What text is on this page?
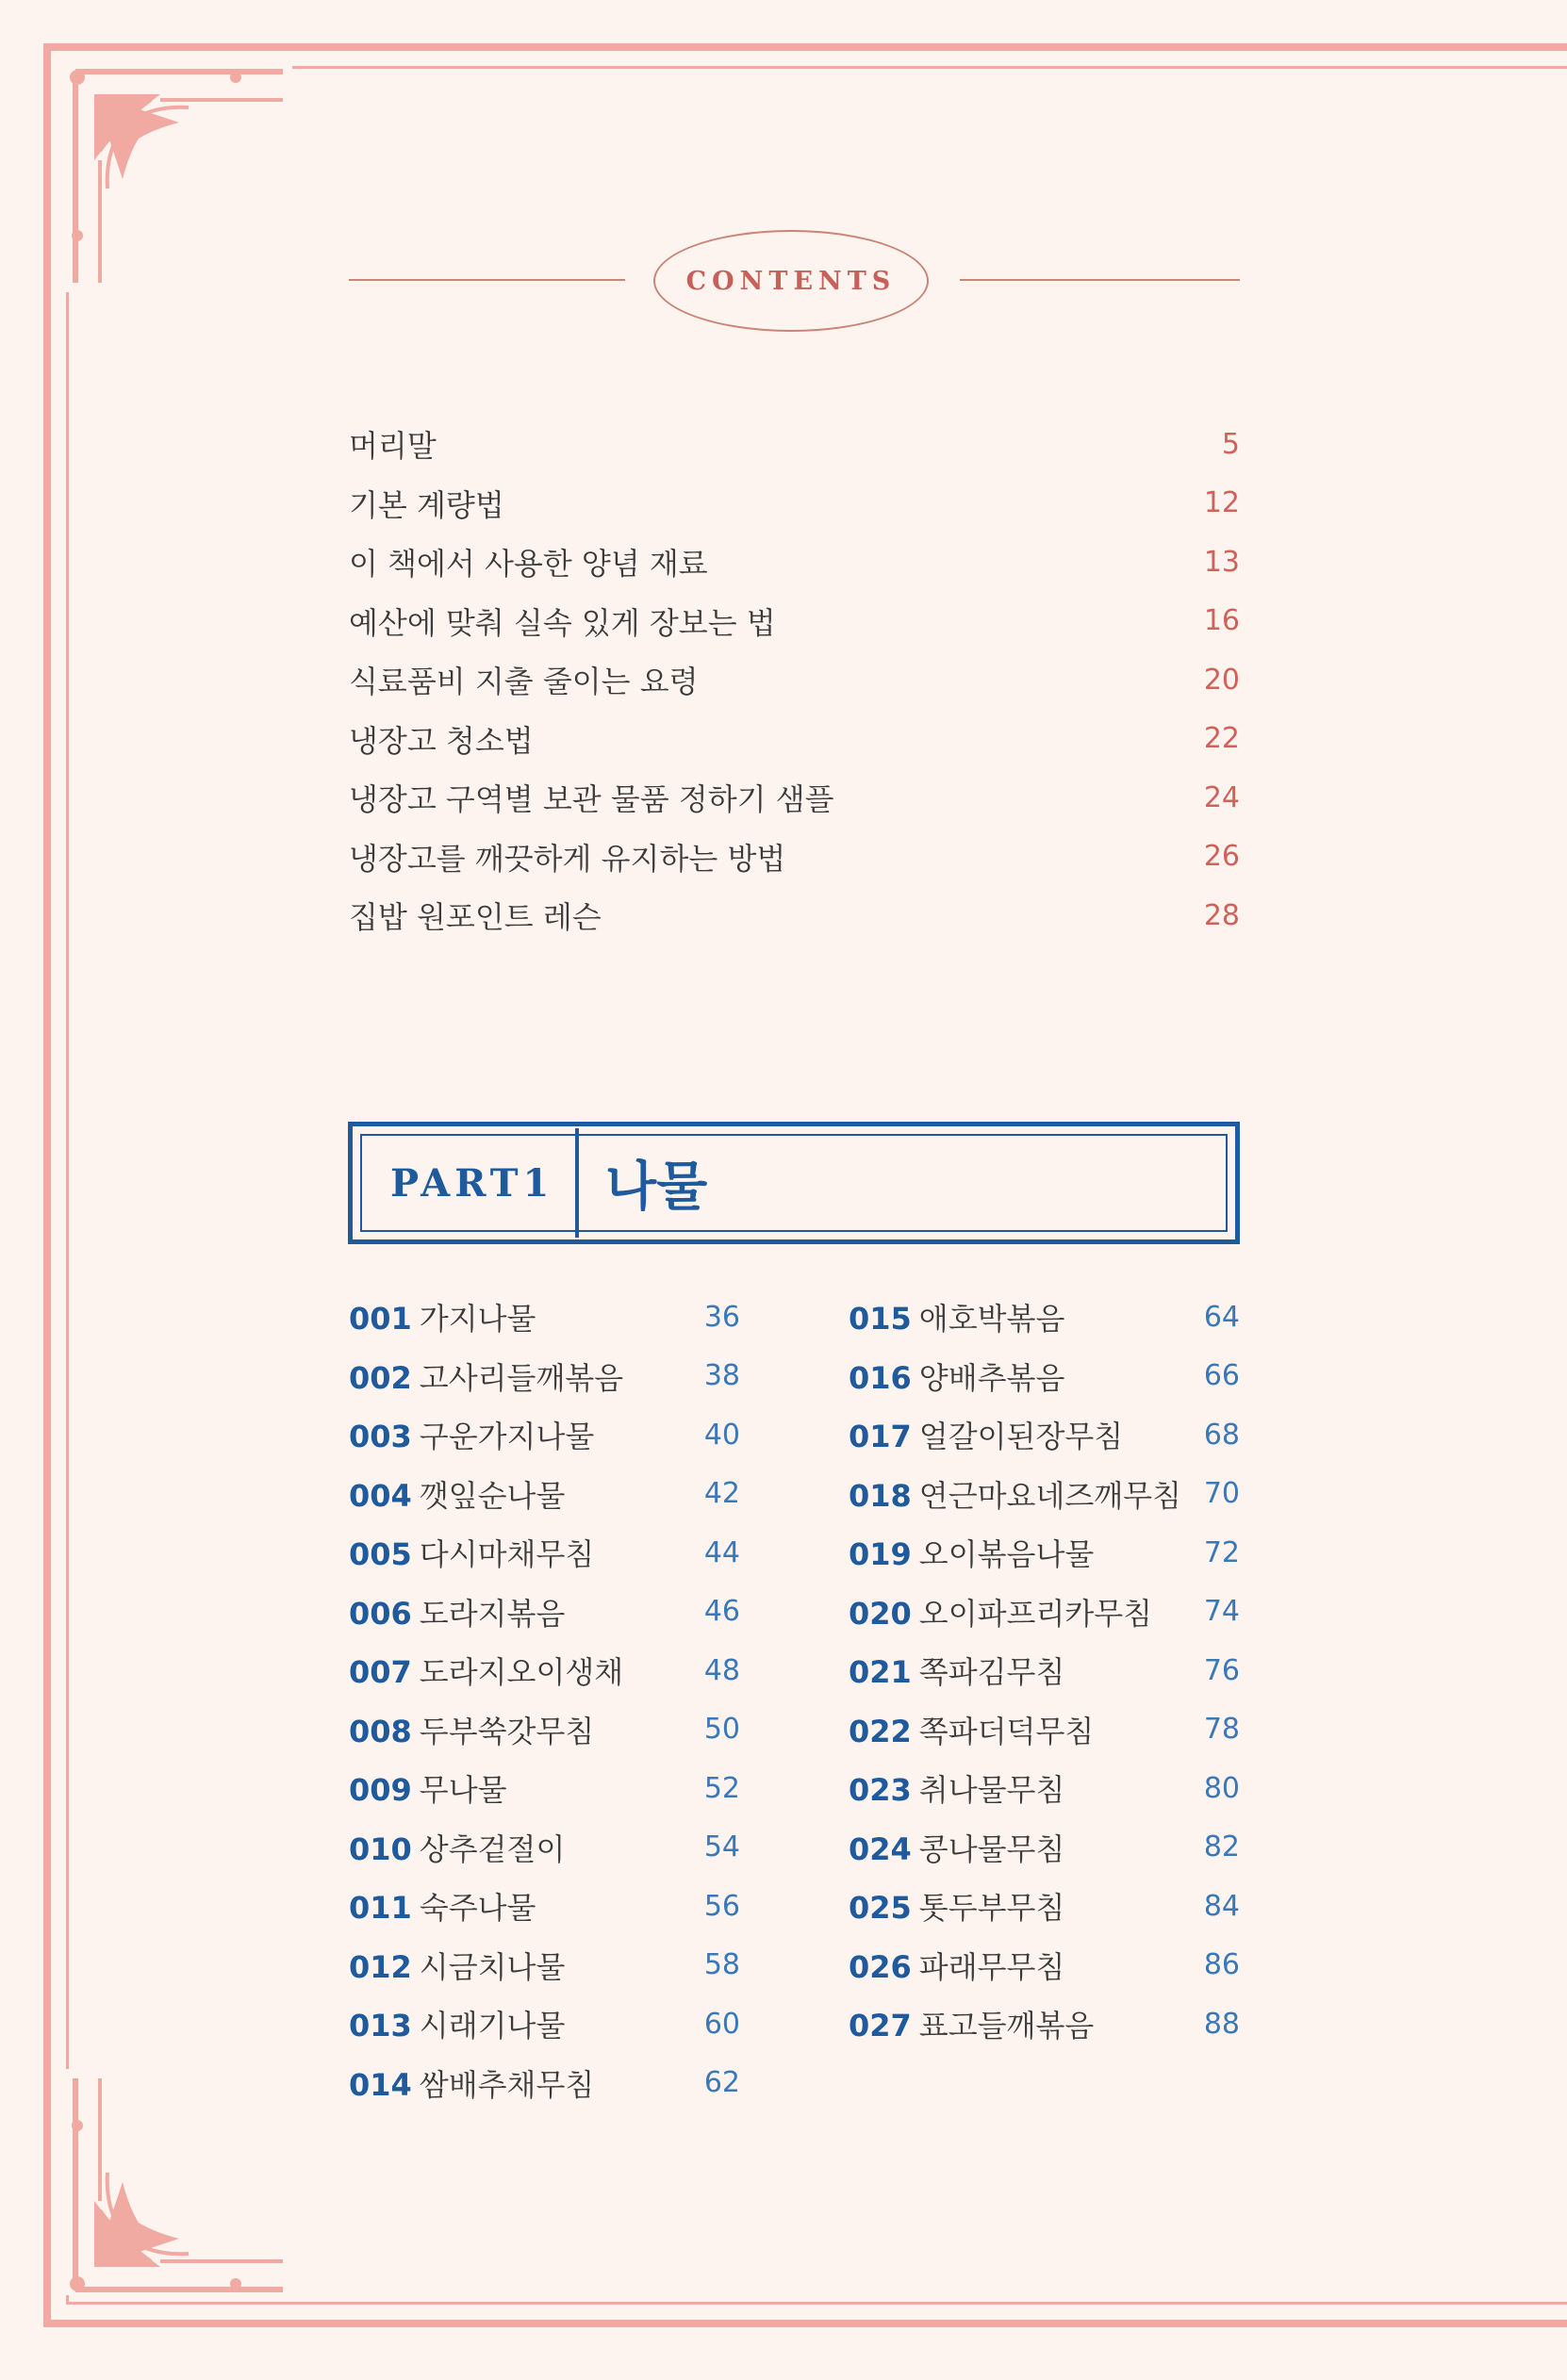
CONTENTS
머리말	5
기본 계량법	12
이 책에서 사용한 양념 재료	13
예산에 맞춰 실속 있게 장보는 법	16
식료품비 지출 줄이는 요령	20
냉장고 청소법	22
냉장고 구역별 보관 물품 정하기 샘플	24
냉장고를 깨끗하게 유지하는 방법	26
집밥 원포인트 레슨	28
PART1 나물
001 가지나물	36
002 고사리들깨볶음	38
003 구운가지나물	40
004 깻잎순나물	42
005 다시마채무침	44
006 도라지볶음	46
007 도라지오이생채	48
008 두부쑥갓무침	50
009 무나물	52
010 상추겉절이	54
011 숙주나물	56
012 시금치나물	58
013 시래기나물	60
014 쌈배추채무침	62
015 애호박볶음	64
016 양배추볶음	66
017 얼갈이된장무침	68
018 연근마요네즈깨무침 70
019 오이볶음나물	72
020 오이파프리카무침 74
021 쪽파김무침	76
022 쪽파더덕무침	78
023 취나물무침	80
024 콩나물무침	82
025 톳두부무침	84
026 파래무무침	86
027 표고들깨볶음	88
